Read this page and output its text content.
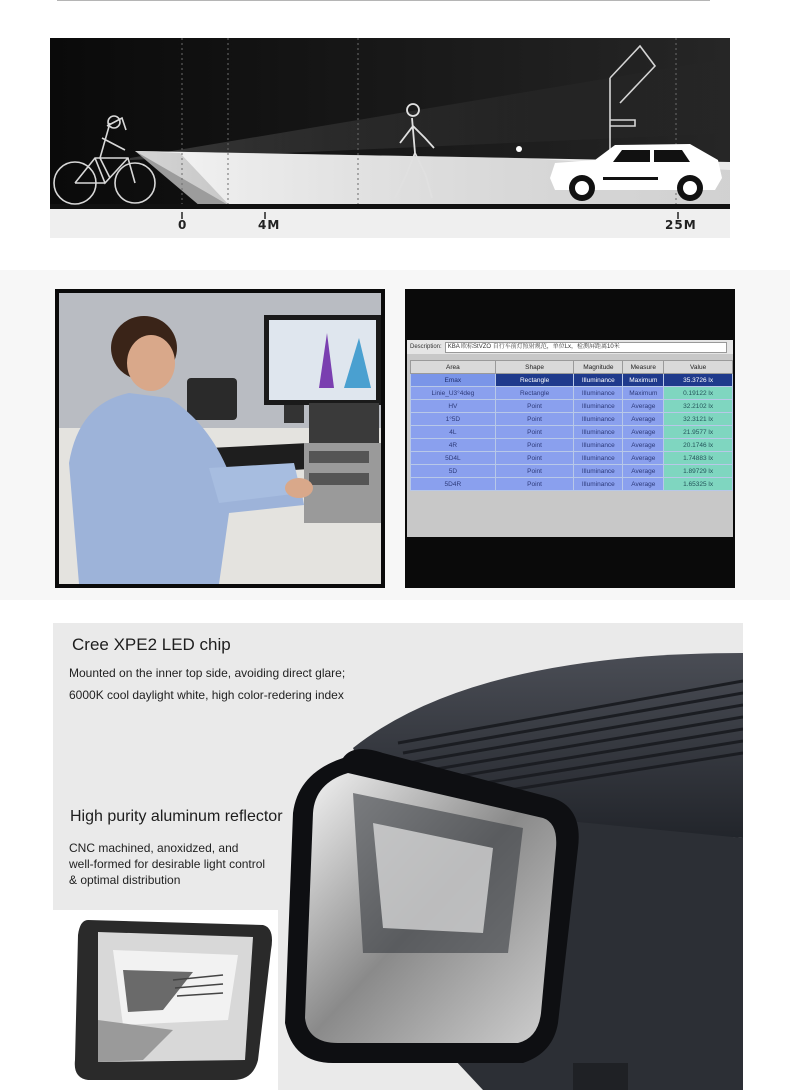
0	4M	25M
Description:	KBA 欧标StVZO 自行车前灯照射规范，单位Lx，检测屏距离10米
Area	Shape	Magnitude	Measure	Value
Emax	Rectangle	Illuminance	Maximum	35.3726 lx
Linie_U3°4deg	Rectangle	Illuminance	Maximum	0.19122 lx
HV	Point	Illuminance	Average	32.2102 lx
1°5D	Point	Illuminance	Average	32.3121 lx
4L	Point	Illuminance	Average	21.9577 lx
4R	Point	Illuminance	Average	20.1746 lx
5D4L	Point	Illuminance	Average	1.74883 lx
5D	Point	Illuminance	Average	1.89729 lx
5D4R	Point	Illuminance	Average	1.65325 lx
Cree XPE2 LED chip
Mounted on the inner top side, avoiding direct glare;
6000K cool daylight white, high color-redering index
High purity aluminum reflector
CNC machined, anoxidzed, and
well-formed for desirable light control
& optimal distribution
